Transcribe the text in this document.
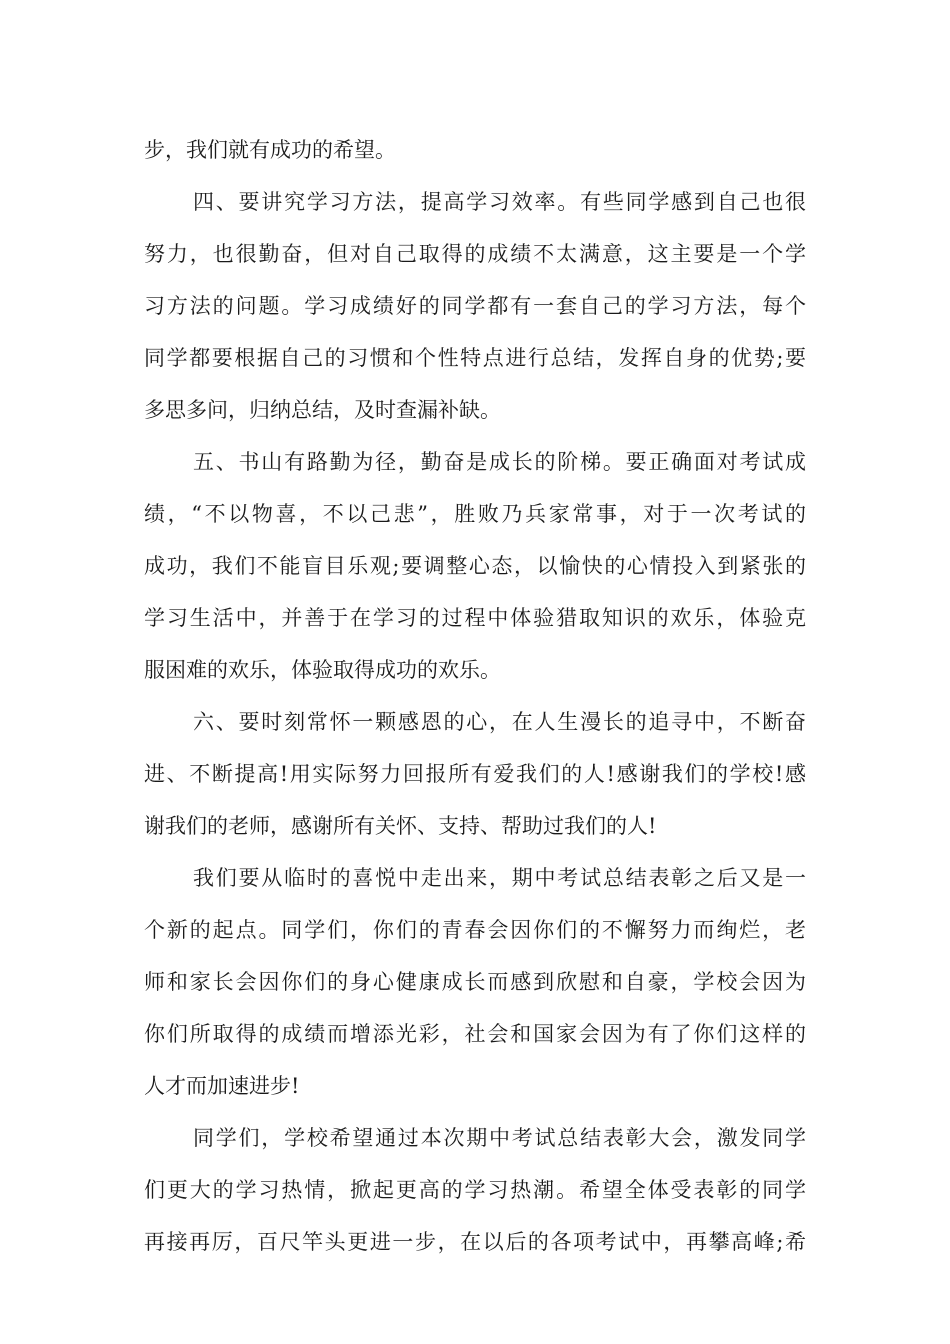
步，我们就有成功的希望。
四、要讲究学习方法，提高学习效率。有些同学感到自己也很
努力，也很勤奋，但对自己取得的成绩不太满意，这主要是一个学
习方法的问题。学习成绩好的同学都有一套自己的学习方法，每个
同学都要根据自己的习惯和个性特点进行总结，发挥自身的优势;要
多思多问，归纳总结，及时查漏补缺。
五、书山有路勤为径，勤奋是成长的阶梯。要正确面对考试成
绩，“不以物喜，不以己悲”，胜败乃兵家常事，对于一次考试的
成功，我们不能盲目乐观;要调整心态，以愉快的心情投入到紧张的
学习生活中，并善于在学习的过程中体验猎取知识的欢乐，体验克
服困难的欢乐，体验取得成功的欢乐。
六、要时刻常怀一颗感恩的心，在人生漫长的追寻中，不断奋
进、不断提高!用实际努力回报所有爱我们的人!感谢我们的学校!感
谢我们的老师，感谢所有关怀、支持、帮助过我们的人!
我们要从临时的喜悦中走出来，期中考试总结表彰之后又是一
个新的起点。同学们，你们的青春会因你们的不懈努力而绚烂，老
师和家长会因你们的身心健康成长而感到欣慰和自豪，学校会因为
你们所取得的成绩而增添光彩，社会和国家会因为有了你们这样的
人才而加速进步!
同学们，学校希望通过本次期中考试总结表彰大会，激发同学
们更大的学习热情，掀起更高的学习热潮。希望全体受表彰的同学
再接再厉，百尺竿头更进一步，在以后的各项考试中，再攀高峰;希
